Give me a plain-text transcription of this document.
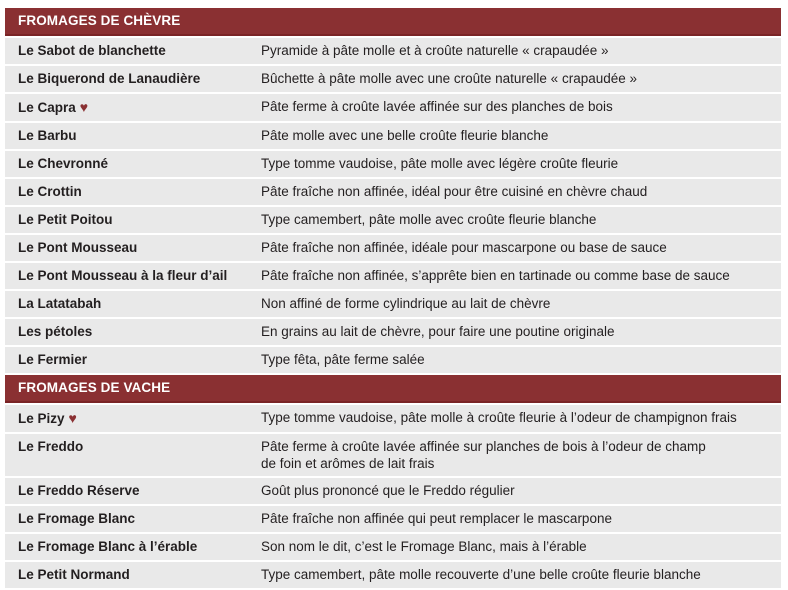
FROMAGES DE CHÈVRE
Le Sabot de blanchette	Pyramide à pâte molle et à croûte naturelle « crapaudée »
Le Biquerond de Lanaudière	Bûchette à pâte molle avec une croûte naturelle « crapaudée »
Le Capra ♥	Pâte ferme à croûte lavée affinée sur des planches de bois
Le Barbu	Pâte molle avec une belle croûte fleurie blanche
Le Chevronné	Type tomme vaudoise, pâte molle avec légère croûte fleurie
Le Crottin	Pâte fraîche non affinée, idéal pour être cuisiné en chèvre chaud
Le Petit Poitou	Type camembert, pâte molle avec croûte fleurie blanche
Le Pont Mousseau	Pâte fraîche non affinée, idéale pour mascarpone ou base de sauce
Le Pont Mousseau à la fleur d’ail	Pâte fraîche non affinée, s’apprête bien en tartinade ou comme base de sauce
La Latatabah	Non affiné de forme cylindrique au lait de chèvre
Les pétoles	En grains au lait de chèvre, pour faire une poutine originale
Le Fermier	Type fêta, pâte ferme salée
FROMAGES DE VACHE
Le Pizy ♥	Type tomme vaudoise, pâte molle à croûte fleurie à l’odeur de champignon frais
Le Freddo	Pâte ferme à croûte lavée affinée sur planches de bois à l’odeur de champ
de foin et arômes de lait frais
Le Freddo Réserve	Goût plus prononcé que le Freddo régulier
Le Fromage Blanc	Pâte fraîche non affinée qui peut remplacer le mascarpone
Le Fromage Blanc à l’érable	Son nom le dit, c’est le Fromage Blanc, mais à l’érable
Le Petit Normand	Type camembert, pâte molle recouverte d’une belle croûte fleurie blanche
